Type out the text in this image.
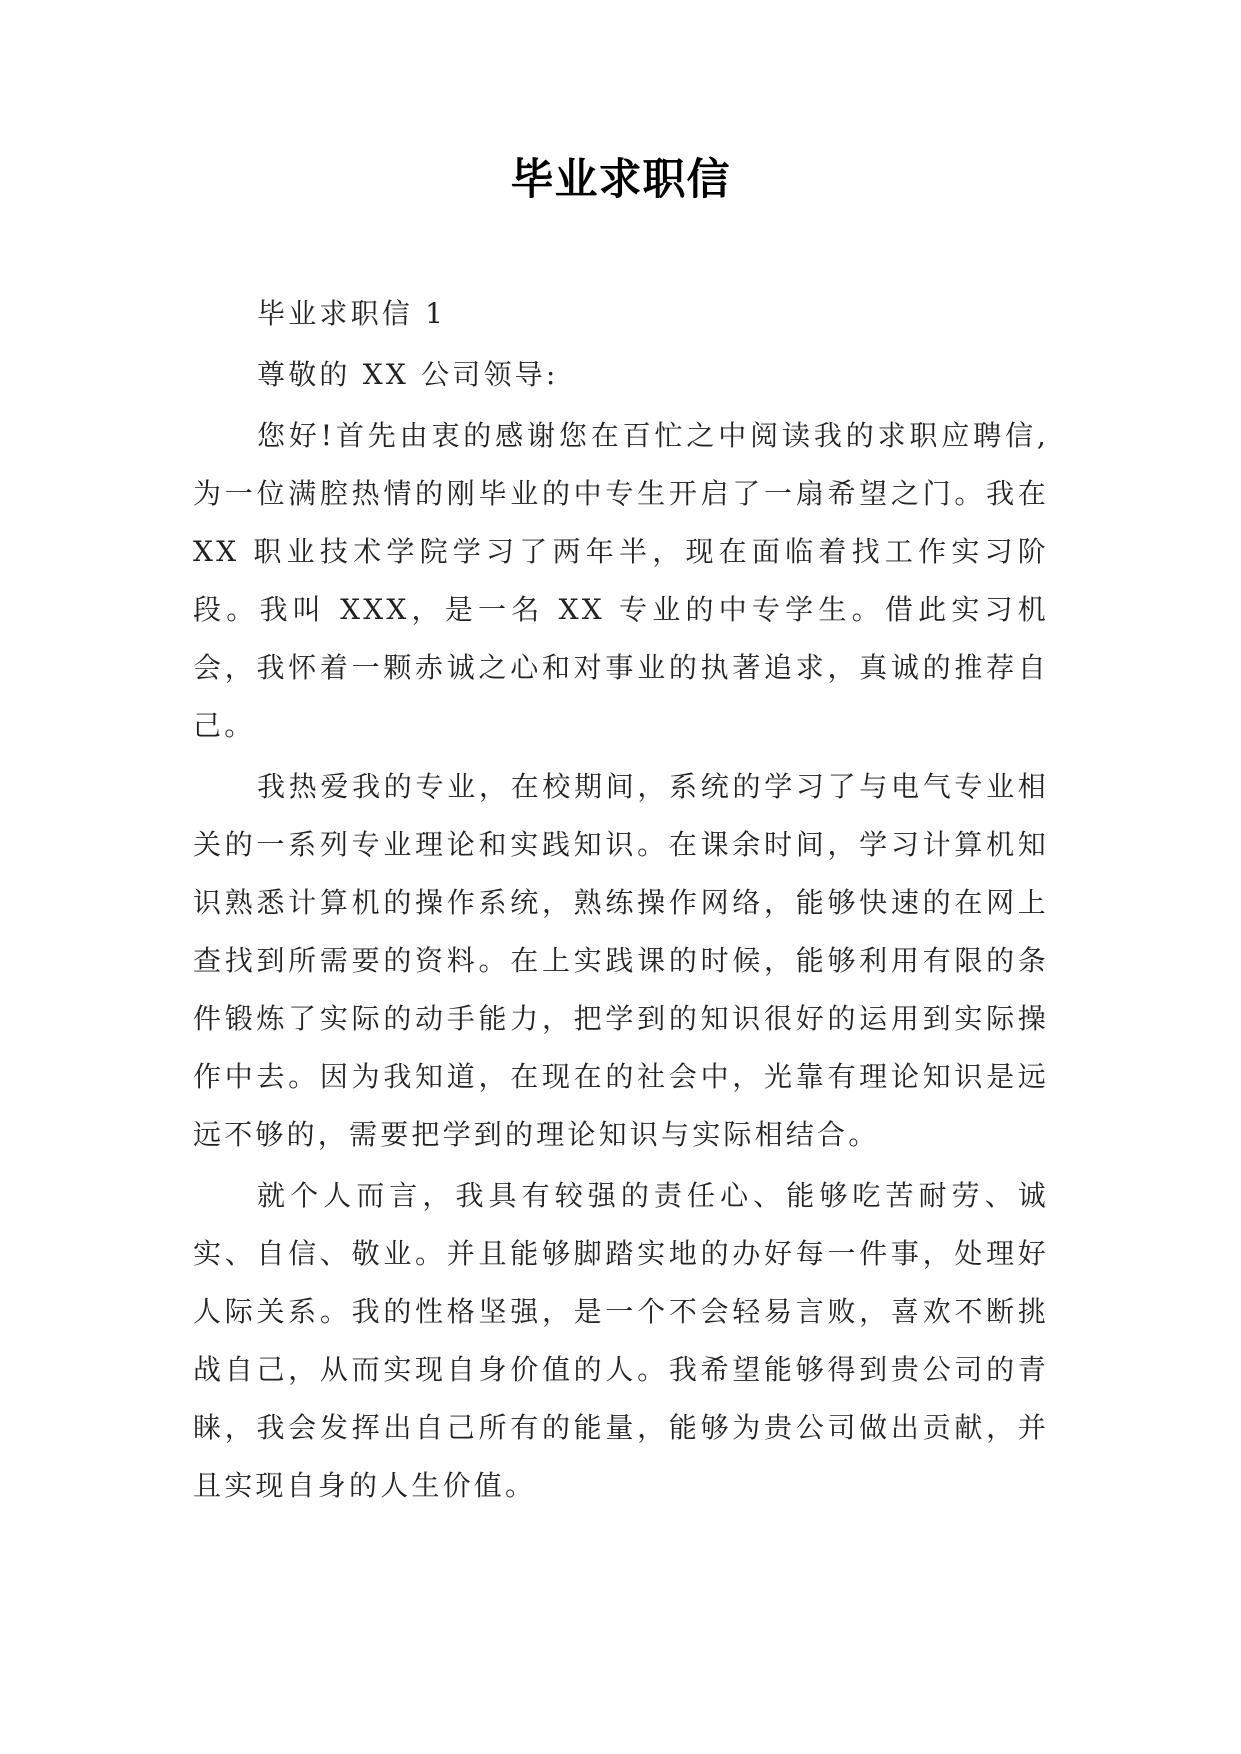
毕业求职信

毕业求职信 1

尊敬的 XX 公司领导:

您好!首先由衷的感谢您在百忙之中阅读我的求职应聘信,为一位满腔热情的刚毕业的中专生开启了一扇希望之门。我在 XX 职业技术学院学习了两年半，现在面临着找工作实习阶段。我叫 XXX，是一名 XX 专业的中专学生。借此实习机会，我怀着一颗赤诚之心和对事业的执著追求，真诚的推荐自己。

我热爱我的专业，在校期间，系统的学习了与电气专业相关的一系列专业理论和实践知识。在课余时间，学习计算机知识熟悉计算机的操作系统，熟练操作网络，能够快速的在网上查找到所需要的资料。在上实践课的时候，能够利用有限的条件锻炼了实际的动手能力，把学到的知识很好的运用到实际操作中去。因为我知道，在现在的社会中，光靠有理论知识是远远不够的，需要把学到的理论知识与实际相结合。

就个人而言，我具有较强的责任心、能够吃苦耐劳、诚实、自信、敬业。并且能够脚踏实地的办好每一件事，处理好人际关系。我的性格坚强，是一个不会轻易言败，喜欢不断挑战自己，从而实现自身价值的人。我希望能够得到贵公司的青睐，我会发挥出自己所有的能量，能够为贵公司做出贡献，并且实现自身的人生价值。
